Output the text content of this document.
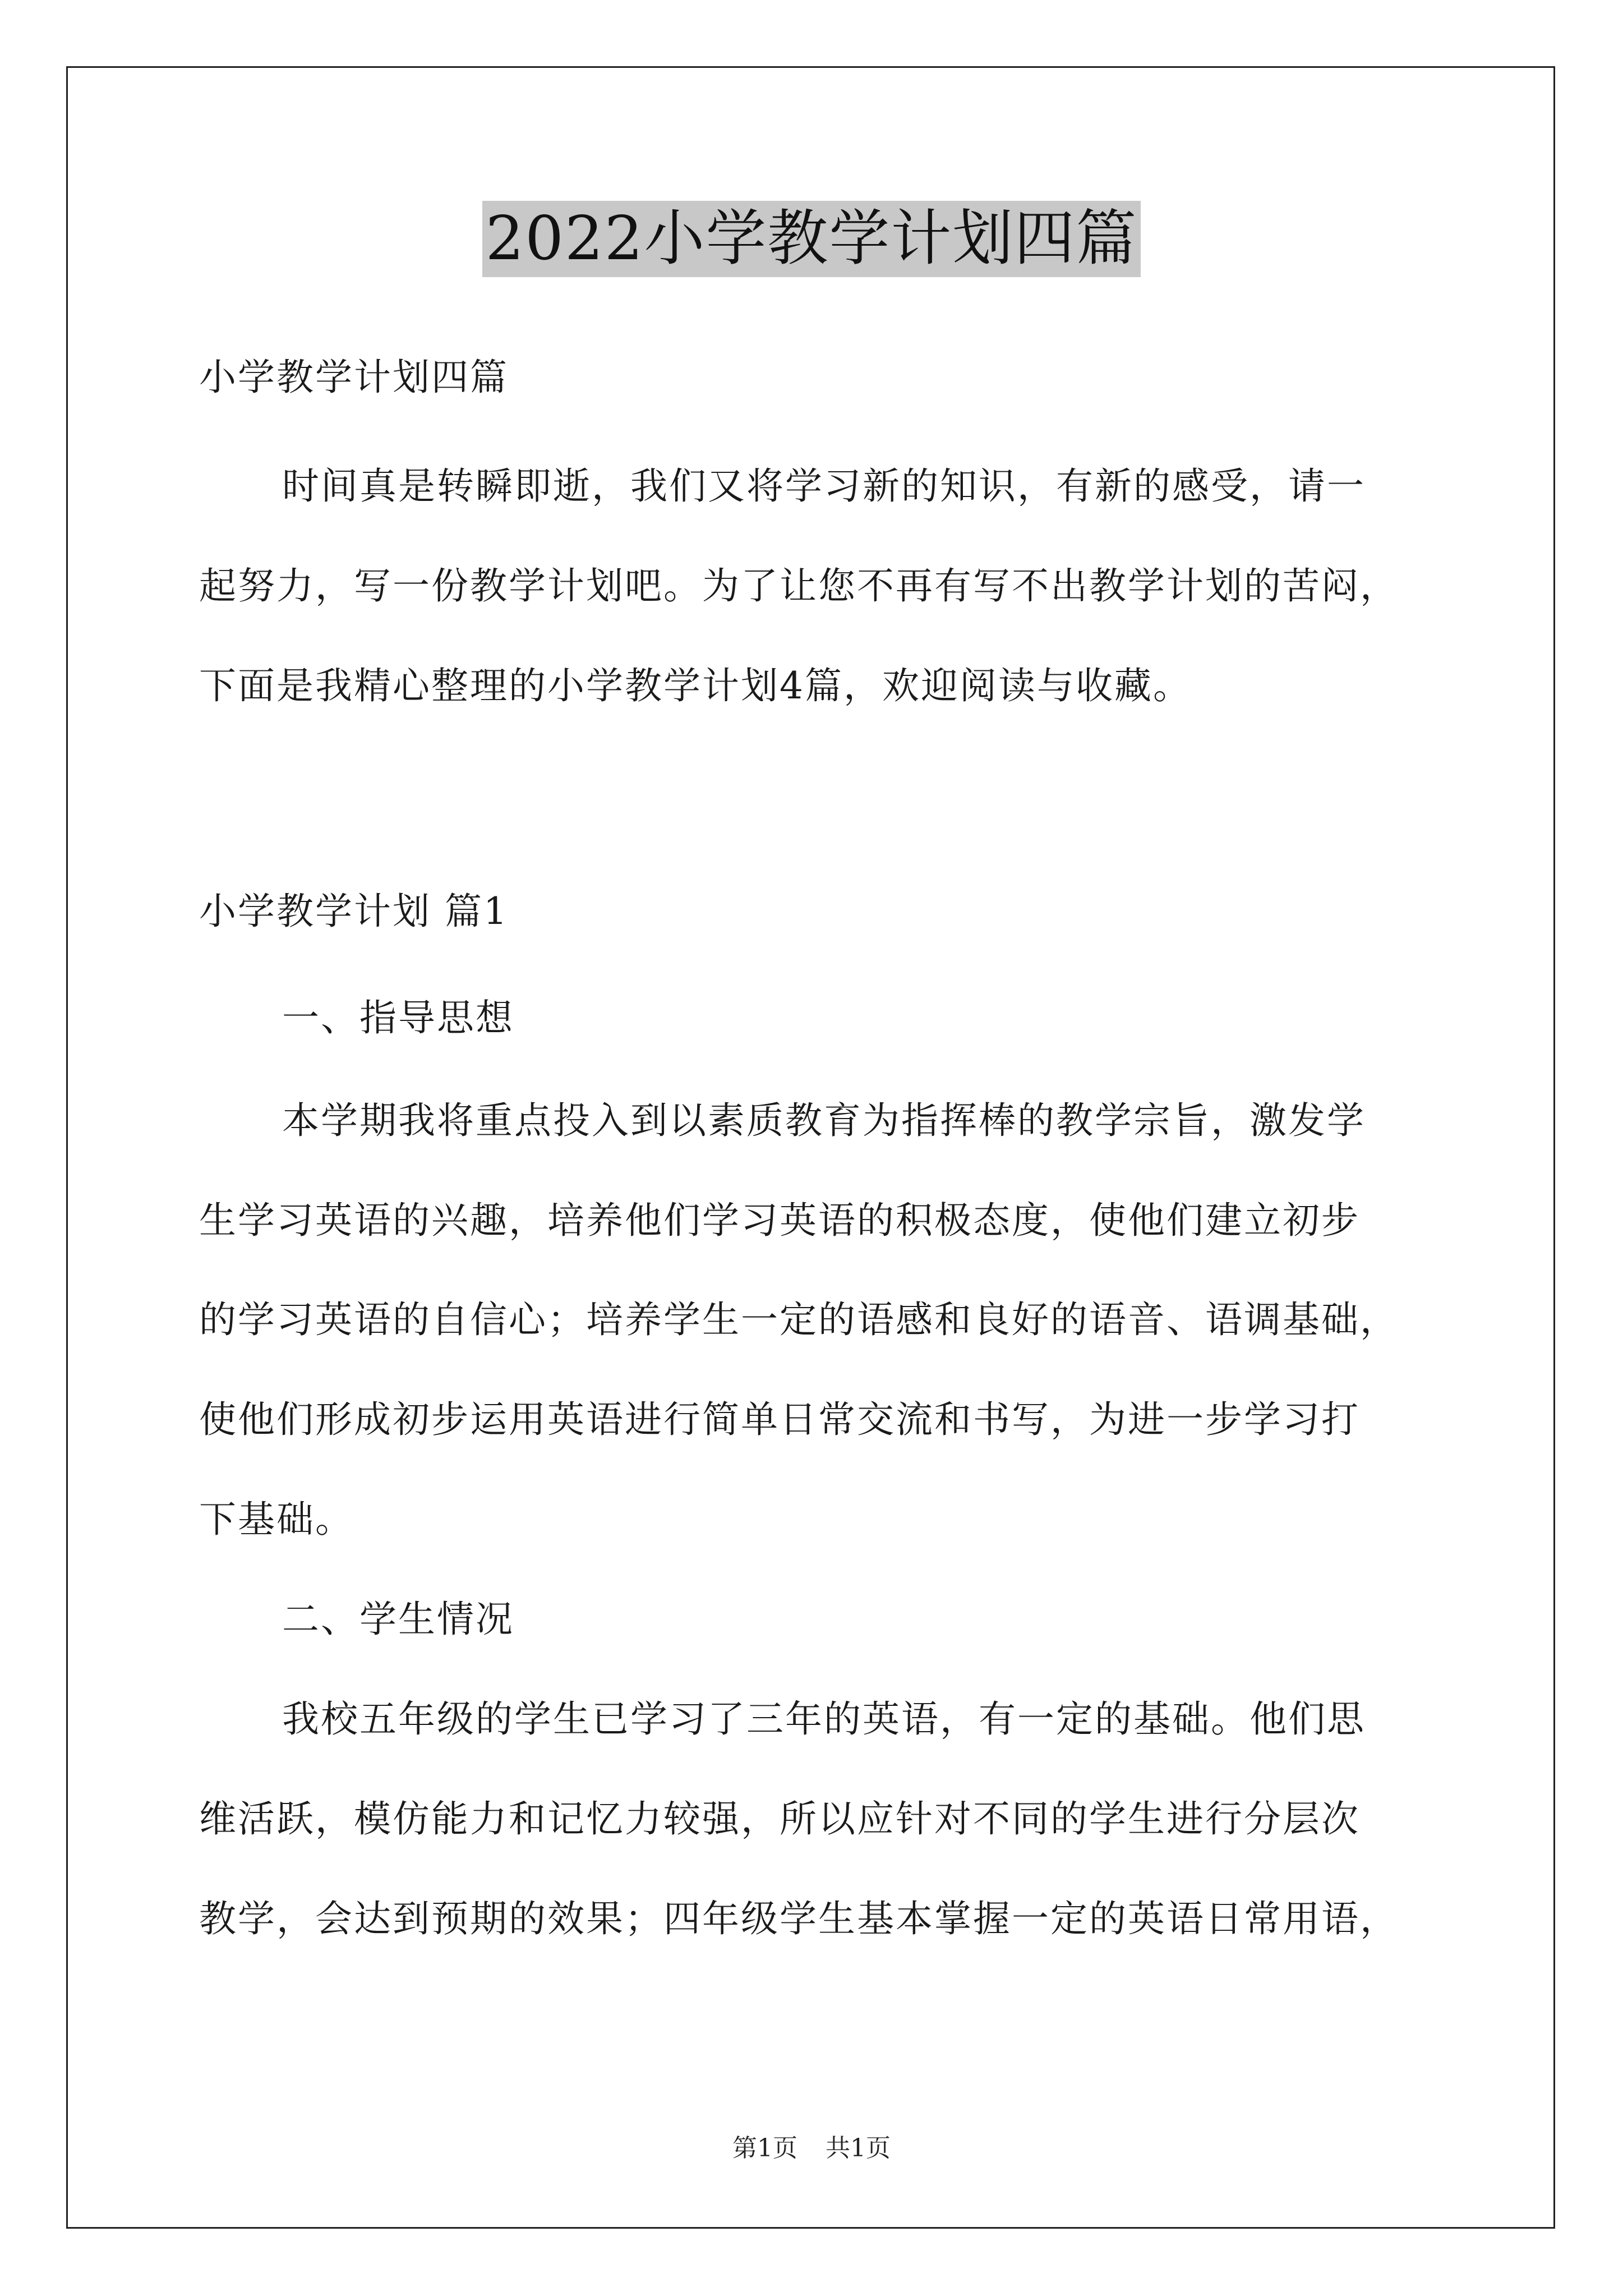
2022小学教学计划四篇
小学教学计划四篇
时间真是转瞬即逝，我们又将学习新的知识，有新的感受，请一
起努力，写一份教学计划吧。为了让您不再有写不出教学计划的苦闷，
下面是我精心整理的小学教学计划4篇，欢迎阅读与收藏。
小学教学计划 篇1
一、指导思想
本学期我将重点投入到以素质教育为指挥棒的教学宗旨，激发学
生学习英语的兴趣，培养他们学习英语的积极态度，使他们建立初步
的学习英语的自信心；培养学生一定的语感和良好的语音、语调基础，
使他们形成初步运用英语进行简单日常交流和书写，为进一步学习打
下基础。
二、学生情况
我校五年级的学生已学习了三年的英语，有一定的基础。他们思
维活跃，模仿能力和记忆力较强，所以应针对不同的学生进行分层次
教学，会达到预期的效果；四年级学生基本掌握一定的英语日常用语，
第1页 共1页
